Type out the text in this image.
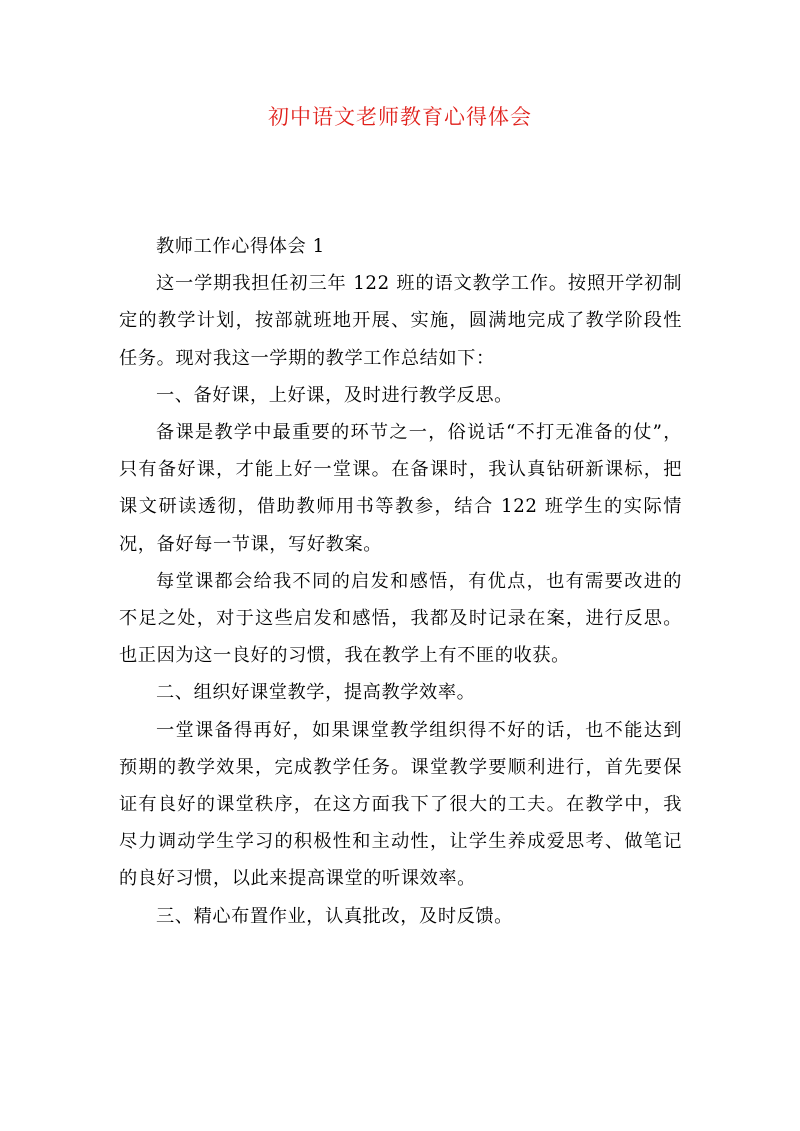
初中语文老师教育心得体会

教师工作心得体会 1

这一学期我担任初三年 122 班的语文教学工作。按照开学初制定的教学计划，按部就班地开展、实施，圆满地完成了教学阶段性任务。现对我这一学期的教学工作总结如下：

一、备好课，上好课，及时进行教学反思。

备课是教学中最重要的环节之一，俗说话“不打无准备的仗”，只有备好课，才能上好一堂课。在备课时，我认真钻研新课标，把课文研读透彻，借助教师用书等教参，结合 122 班学生的实际情况，备好每一节课，写好教案。

每堂课都会给我不同的启发和感悟，有优点，也有需要改进的不足之处，对于这些启发和感悟，我都及时记录在案，进行反思。也正因为这一良好的习惯，我在教学上有不匪的收获。

二、组织好课堂教学，提高教学效率。

一堂课备得再好，如果课堂教学组织得不好的话，也不能达到预期的教学效果，完成教学任务。课堂教学要顺利进行，首先要保证有良好的课堂秩序，在这方面我下了很大的工夫。在教学中，我尽力调动学生学习的积极性和主动性，让学生养成爱思考、做笔记的良好习惯，以此来提高课堂的听课效率。

三、精心布置作业，认真批改，及时反馈。
